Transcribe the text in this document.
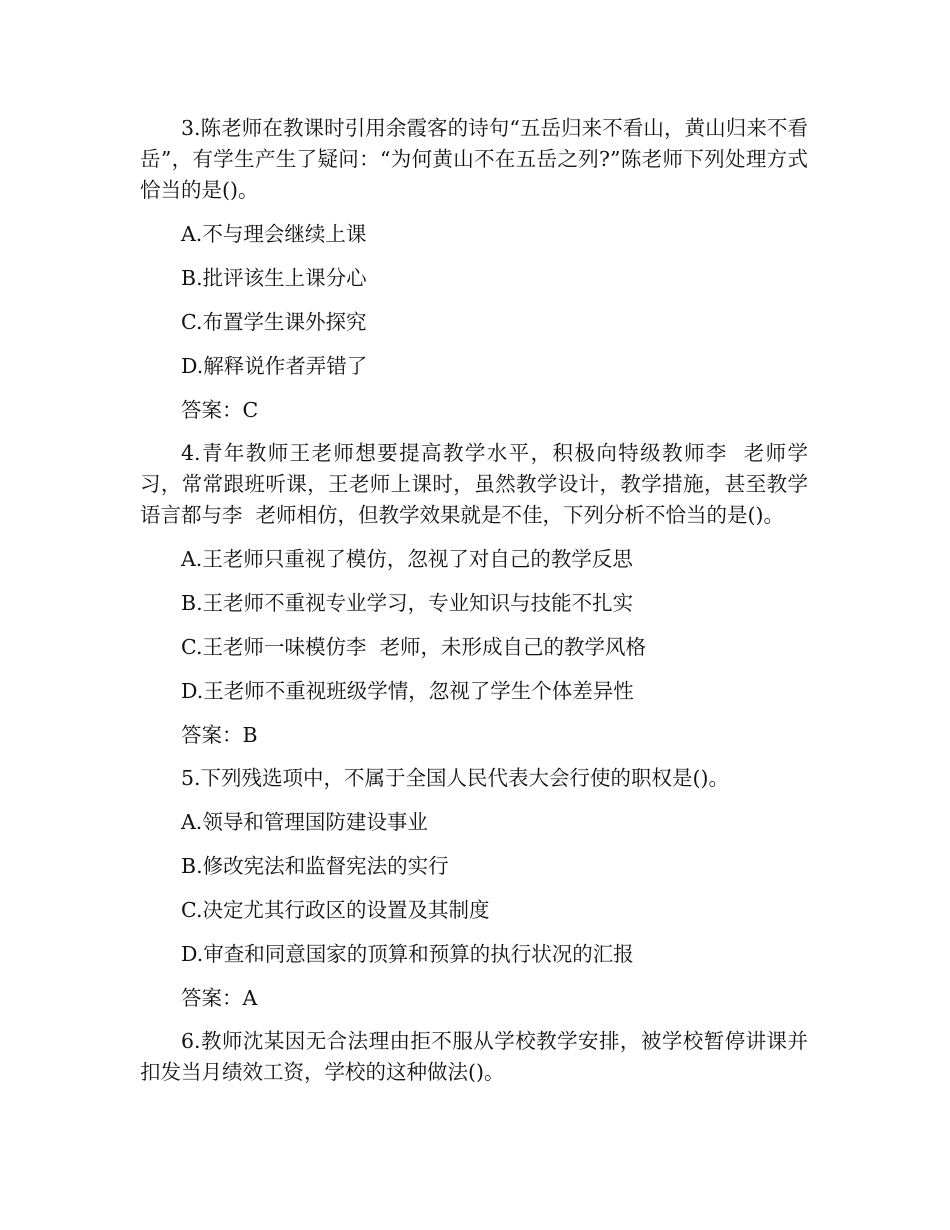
3.陈老师在教课时引用余霞客的诗句“五岳归来不看山，黄山归来不看岳”，有学生产生了疑问：“为何黄山不在五岳之列?”陈老师下列处理方式恰当的是()。

A.不与理会继续上课

B.批评该生上课分心

C.布置学生课外探究

D.解释说作者弄错了

答案：C

4.青年教师王老师想要提高教学水平，积极向特级教师李  老师学习，常常跟班听课，王老师上课时，虽然教学设计，教学措施，甚至教学语言都与李  老师相仿，但教学效果就是不佳，下列分析不恰当的是()。

A.王老师只重视了模仿，忽视了对自己的教学反思

B.王老师不重视专业学习，专业知识与技能不扎实

C.王老师一味模仿李  老师，未形成自己的教学风格

D.王老师不重视班级学情，忽视了学生个体差异性

答案：B

5.下列残选项中，不属于全国人民代表大会行使的职权是()。

A.领导和管理国防建设事业

B.修改宪法和监督宪法的实行

C.决定尤其行政区的设置及其制度

D.审查和同意国家的顶算和预算的执行状况的汇报

答案：A

6.教师沈某因无合法理由拒不服从学校教学安排，被学校暂停讲课并扣发当月绩效工资，学校的这种做法()。
